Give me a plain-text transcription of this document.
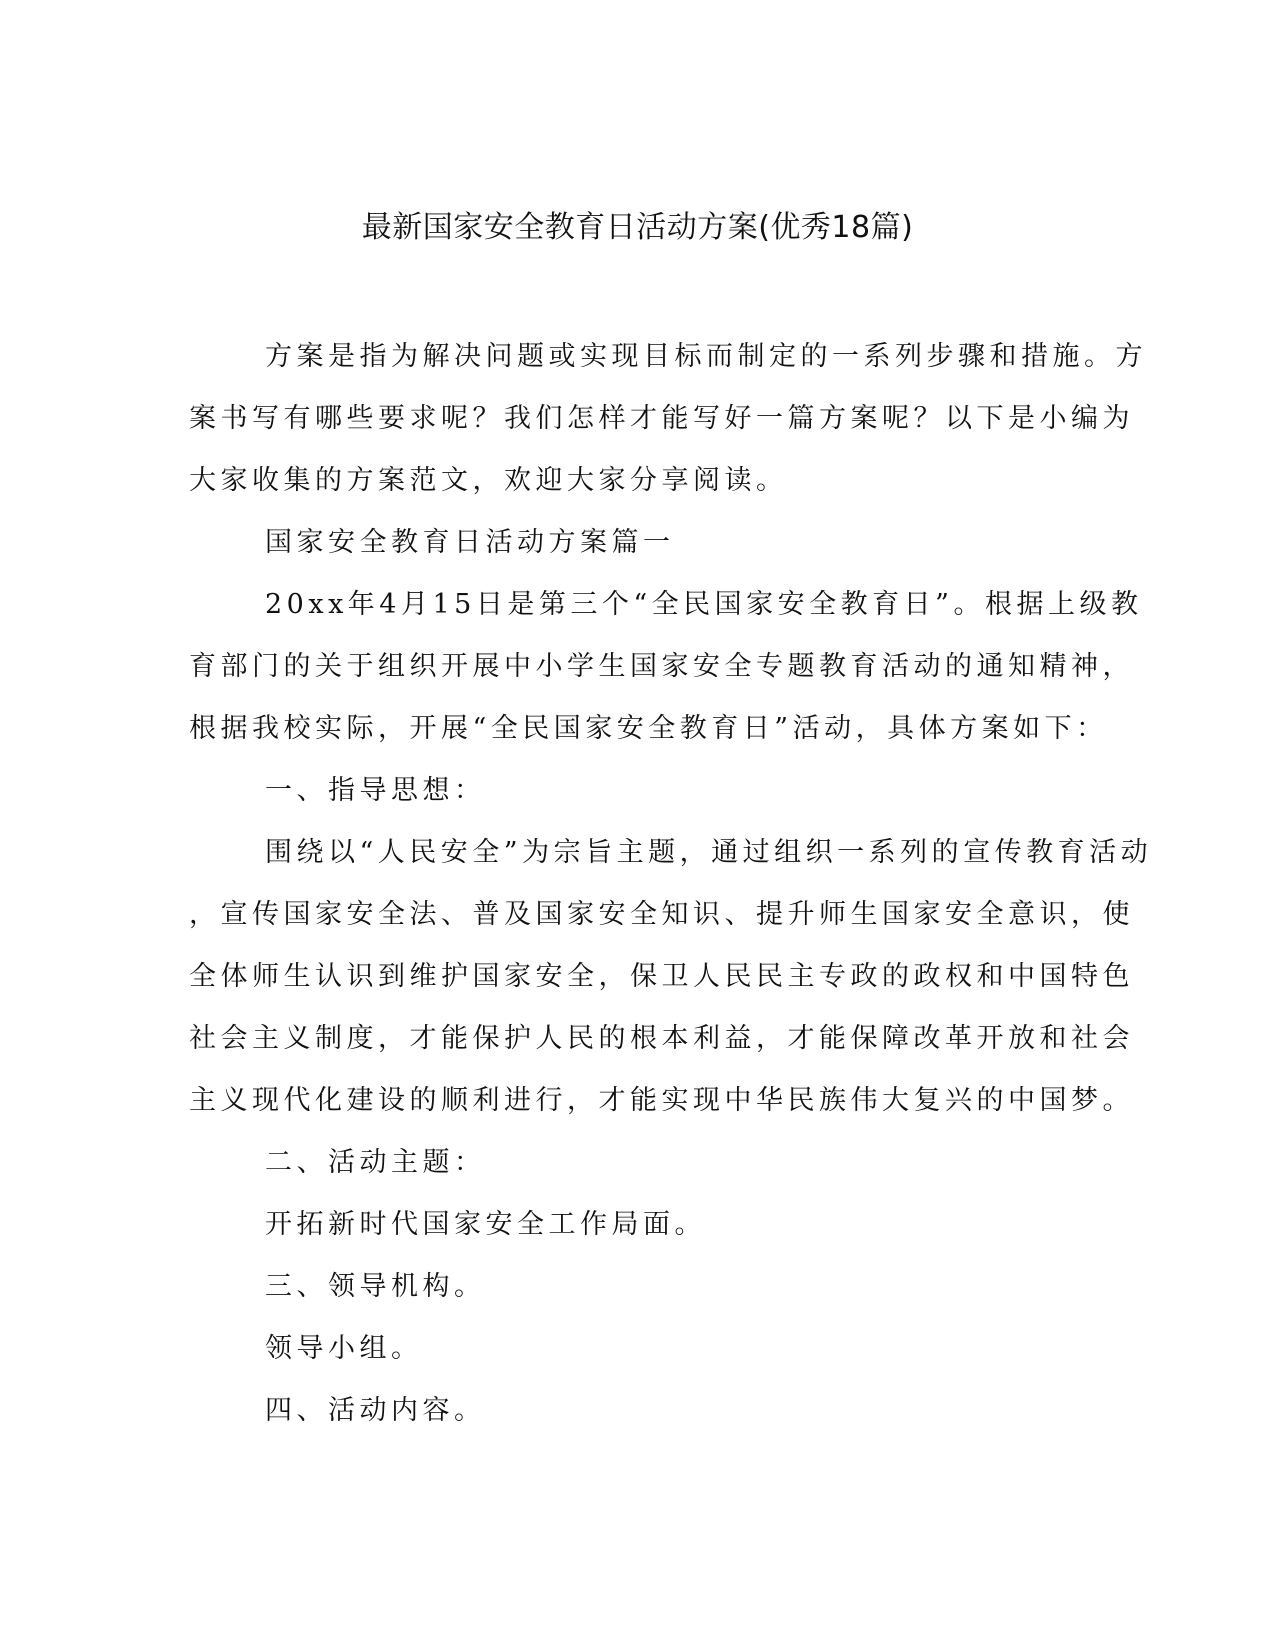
最新国家安全教育日活动方案(优秀18篇)
方案是指为解决问题或实现目标而制定的一系列步骤和措施。方
案书写有哪些要求呢？我们怎样才能写好一篇方案呢？以下是小编为
大家收集的方案范文，欢迎大家分享阅读。
国家安全教育日活动方案篇一
20xx年4月15日是第三个“全民国家安全教育日”。根据上级教
育部门的关于组织开展中小学生国家安全专题教育活动的通知精神，
根据我校实际，开展“全民国家安全教育日”活动，具体方案如下：
一、指导思想：
围绕以“人民安全”为宗旨主题，通过组织一系列的宣传教育活动
，宣传国家安全法、普及国家安全知识、提升师生国家安全意识，使
全体师生认识到维护国家安全，保卫人民民主专政的政权和中国特色
社会主义制度，才能保护人民的根本利益，才能保障改革开放和社会
主义现代化建设的顺利进行，才能实现中华民族伟大复兴的中国梦。
二、活动主题：
开拓新时代国家安全工作局面。
三、领导机构。
领导小组。
四、活动内容。
